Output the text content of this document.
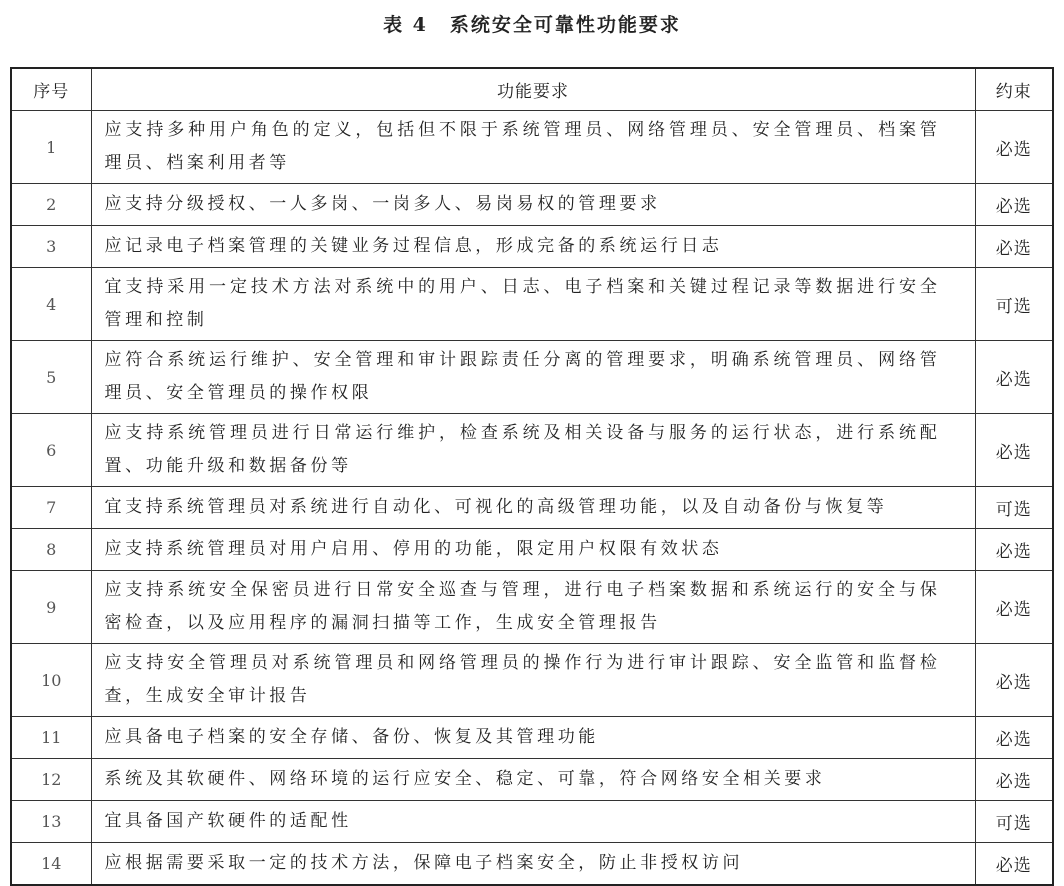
表 4 系统安全可靠性功能要求
序号	功能要求	约束
1	应支持多种用户角色的定义，包括但不限于系统管理员、网络管理员、安全管理员、档案管理员、档案利用者等	必选
2	应支持分级授权、一人多岗、一岗多人、易岗易权的管理要求	必选
3	应记录电子档案管理的关键业务过程信息，形成完备的系统运行日志	必选
4	宜支持采用一定技术方法对系统中的用户、日志、电子档案和关键过程记录等数据进行安全管理和控制	可选
5	应符合系统运行维护、安全管理和审计跟踪责任分离的管理要求，明确系统管理员、网络管理员、安全管理员的操作权限	必选
6	应支持系统管理员进行日常运行维护，检查系统及相关设备与服务的运行状态，进行系统配置、功能升级和数据备份等	必选
7	宜支持系统管理员对系统进行自动化、可视化的高级管理功能，以及自动备份与恢复等	可选
8	应支持系统管理员对用户启用、停用的功能，限定用户权限有效状态	必选
9	应支持系统安全保密员进行日常安全巡查与管理，进行电子档案数据和系统运行的安全与保密检查，以及应用程序的漏洞扫描等工作，生成安全管理报告	必选
10	应支持安全管理员对系统管理员和网络管理员的操作行为进行审计跟踪、安全监管和监督检查，生成安全审计报告	必选
11	应具备电子档案的安全存储、备份、恢复及其管理功能	必选
12	系统及其软硬件、网络环境的运行应安全、稳定、可靠，符合网络安全相关要求	必选
13	宜具备国产软硬件的适配性	可选
14	应根据需要采取一定的技术方法，保障电子档案安全，防止非授权访问	必选
